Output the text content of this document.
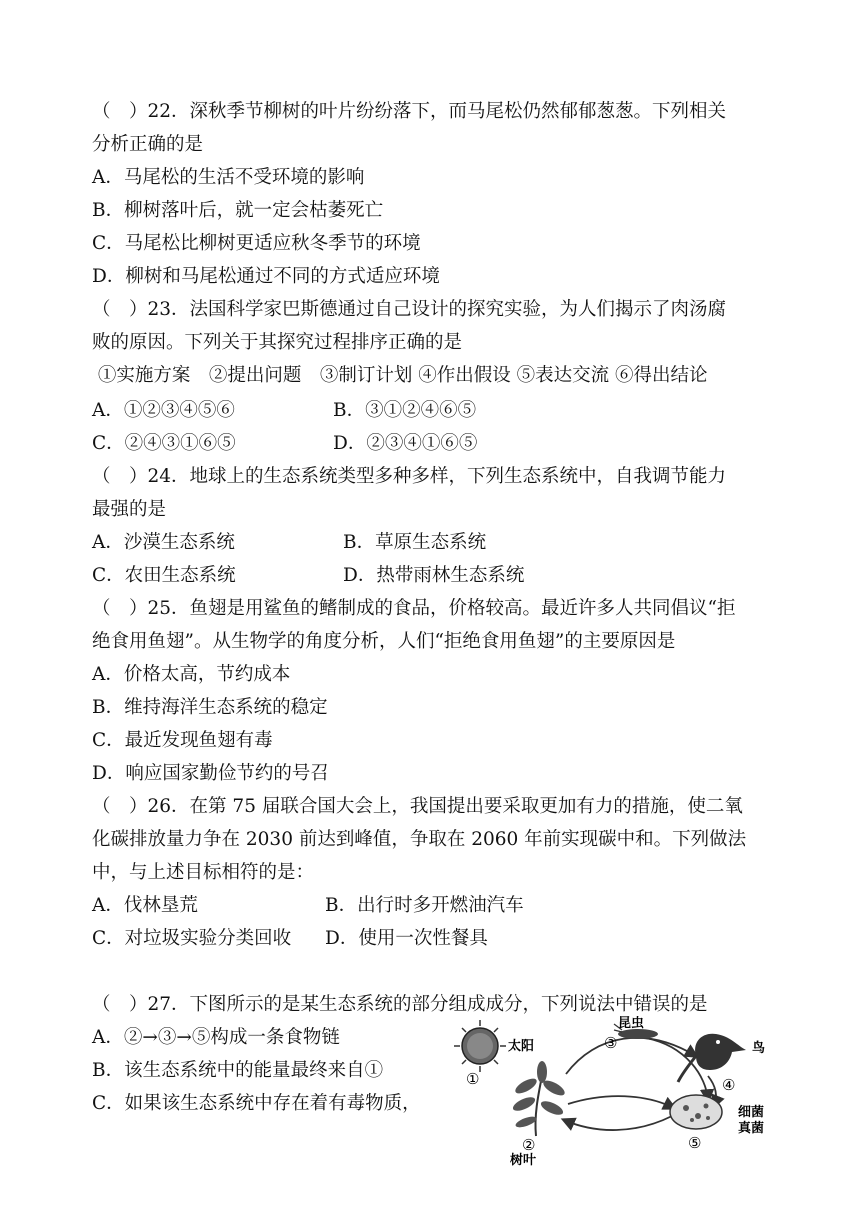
（　）22．深秋季节柳树的叶片纷纷落下，而马尾松仍然郁郁葱葱。下列相关
分析正确的是
A．马尾松的生活不受环境的影响
B．柳树落叶后，就一定会枯萎死亡
C．马尾松比柳树更适应秋冬季节的环境
D．柳树和马尾松通过不同的方式适应环境
（　）23．法国科学家巴斯德通过自己设计的探究实验，为人们揭示了肉汤腐
败的原因。下列关于其探究过程排序正确的是
①实施方案　②提出问题　③制订计划 ④作出假设 ⑤表达交流 ⑥得出结论
A．①②③④⑤⑥	B．③①②④⑥⑤
C．②④③①⑥⑤	D．②③④①⑥⑤
（　）24．地球上的生态系统类型多种多样，下列生态系统中，自我调节能力
最强的是
A．沙漠生态系统	B．草原生态系统
C．农田生态系统	D．热带雨林生态系统
（　）25．鱼翅是用鲨鱼的鳍制成的食品，价格较高。最近许多人共同倡议“拒
绝食用鱼翅”。从生物学的角度分析，人们“拒绝食用鱼翅”的主要原因是
A．价格太高，节约成本
B．维持海洋生态系统的稳定
C．最近发现鱼翅有毒
D．响应国家勤俭节约的号召
（　）26．在第 75 届联合国大会上，我国提出要采取更加有力的措施，使二氧
化碳排放量力争在 2030 前达到峰值，争取在 2060 年前实现碳中和。下列做法
中，与上述目标相符的是：
A．伐林垦荒	B．出行时多开燃油汽车
C．对垃圾实验分类回收 D．使用一次性餐具
（　）27．下图所示的是某生态系统的部分组成成分，下列说法中错误的是
A．②→③→⑤构成一条食物链
B．该生态系统中的能量最终来自①
C．如果该生态系统中存在着有毒物质，
太阳
①
②
树叶
昆虫
③	鸟
④
细菌
真菌
⑤
